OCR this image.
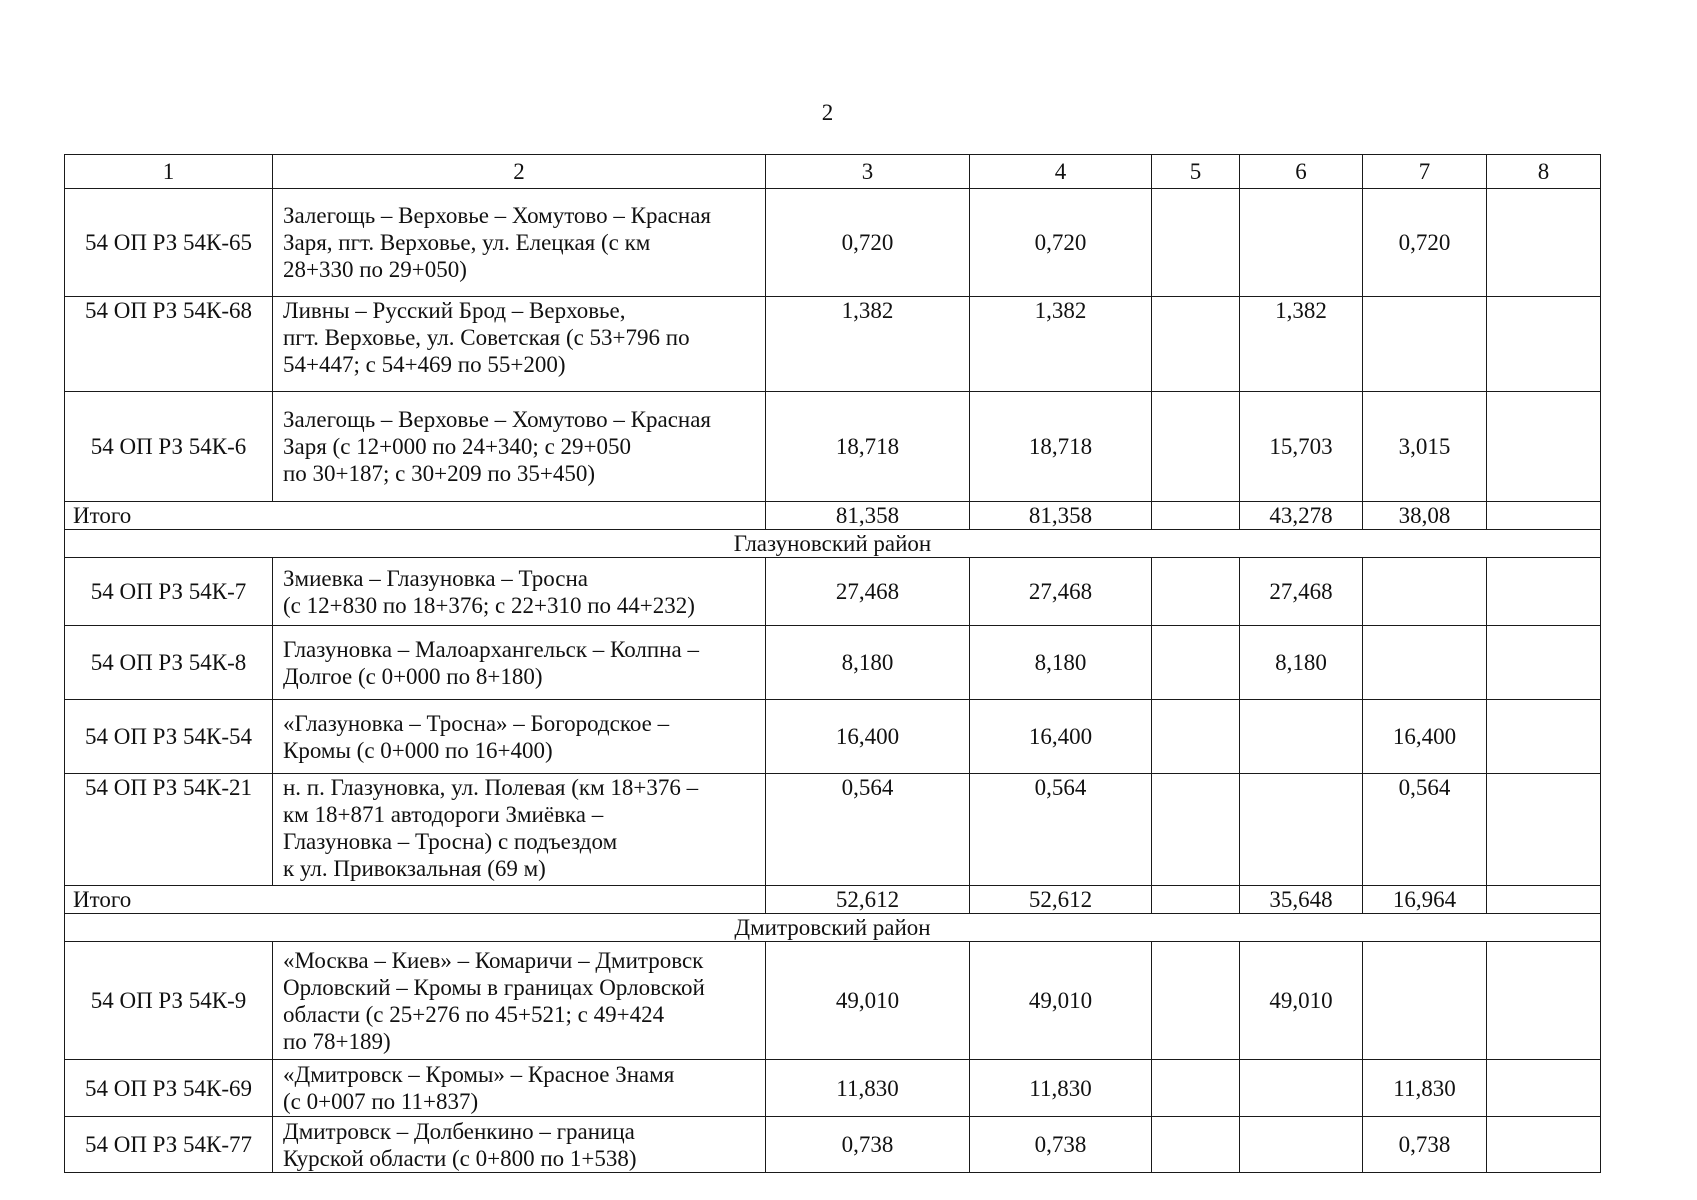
2
1	2	3	4	5	6	7	8
54 ОП РЗ 54К-65	Залегощь – Верховье – Хомутово – Красная
Заря, пгт. Верховье, ул. Елецкая (с км
28+330 по 29+050)	0,720	0,720			0,720	
54 ОП РЗ 54К-68	Ливны – Русский Брод – Верховье,
пгт. Верховье, ул. Советская (с 53+796 по
54+447; с 54+469 по 55+200)	1,382	1,382		1,382		
54 ОП РЗ 54К-6	Залегощь – Верховье – Хомутово – Красная
Заря (с 12+000 по 24+340; с 29+050
по 30+187; с 30+209 по 35+450)	18,718	18,718		15,703	3,015	
Итого		81,358	81,358		43,278	38,08	
Глазуновский район							
54 ОП РЗ 54К-7	Змиевка – Глазуновка – Тросна
(с 12+830 по 18+376; с 22+310 по 44+232)	27,468	27,468		27,468		
54 ОП РЗ 54К-8	Глазуновка – Малоархангельск – Колпна –
Долгое (с 0+000 по 8+180)	8,180	8,180		8,180		
54 ОП РЗ 54К-54	«Глазуновка – Тросна» – Богородское –
Кромы (с 0+000 по 16+400)	16,400	16,400			16,400	
54 ОП РЗ 54К-21	н. п. Глазуновка, ул. Полевая (км 18+376 –
км 18+871 автодороги Змиёвка –
Глазуновка – Тросна) с подъездом
к ул. Привокзальная (69 м)	0,564	0,564			0,564	
Итого		52,612	52,612		35,648	16,964	
Дмитровский район							
54 ОП РЗ 54К-9	«Москва – Киев» – Комаричи – Дмитровск
Орловский – Кромы в границах Орловской
области (с 25+276 по 45+521; с 49+424
по 78+189)	49,010	49,010		49,010		
54 ОП РЗ 54К-69	«Дмитровск – Кромы» – Красное Знамя
(с 0+007 по 11+837)	11,830	11,830			11,830	
54 ОП РЗ 54К-77	Дмитровск – Долбенкино – граница
Курской области (с 0+800 по 1+538)	0,738	0,738			0,738	
